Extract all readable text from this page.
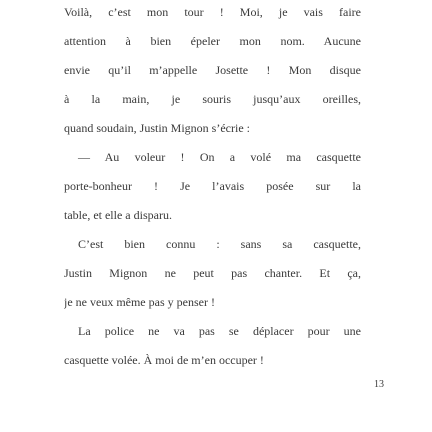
Voilà, c’est mon tour ! Moi, je vais faire
attention à bien épeler mon nom. Aucune
envie qu’il m’appelle Josette ! Mon disque
à la main, je souris jusqu’aux oreilles,
quand soudain, Justin Mignon s’écrie :
— Au voleur ! On a volé ma casquette
porte-bonheur ! Je l’avais posée sur la
table, et elle a disparu.
C’est bien connu : sans sa casquette,
Justin Mignon ne peut pas chanter. Et ça,
je ne veux même pas y penser !
La police ne va pas se déplacer pour une
casquette volée. À moi de m’en occuper !
13
